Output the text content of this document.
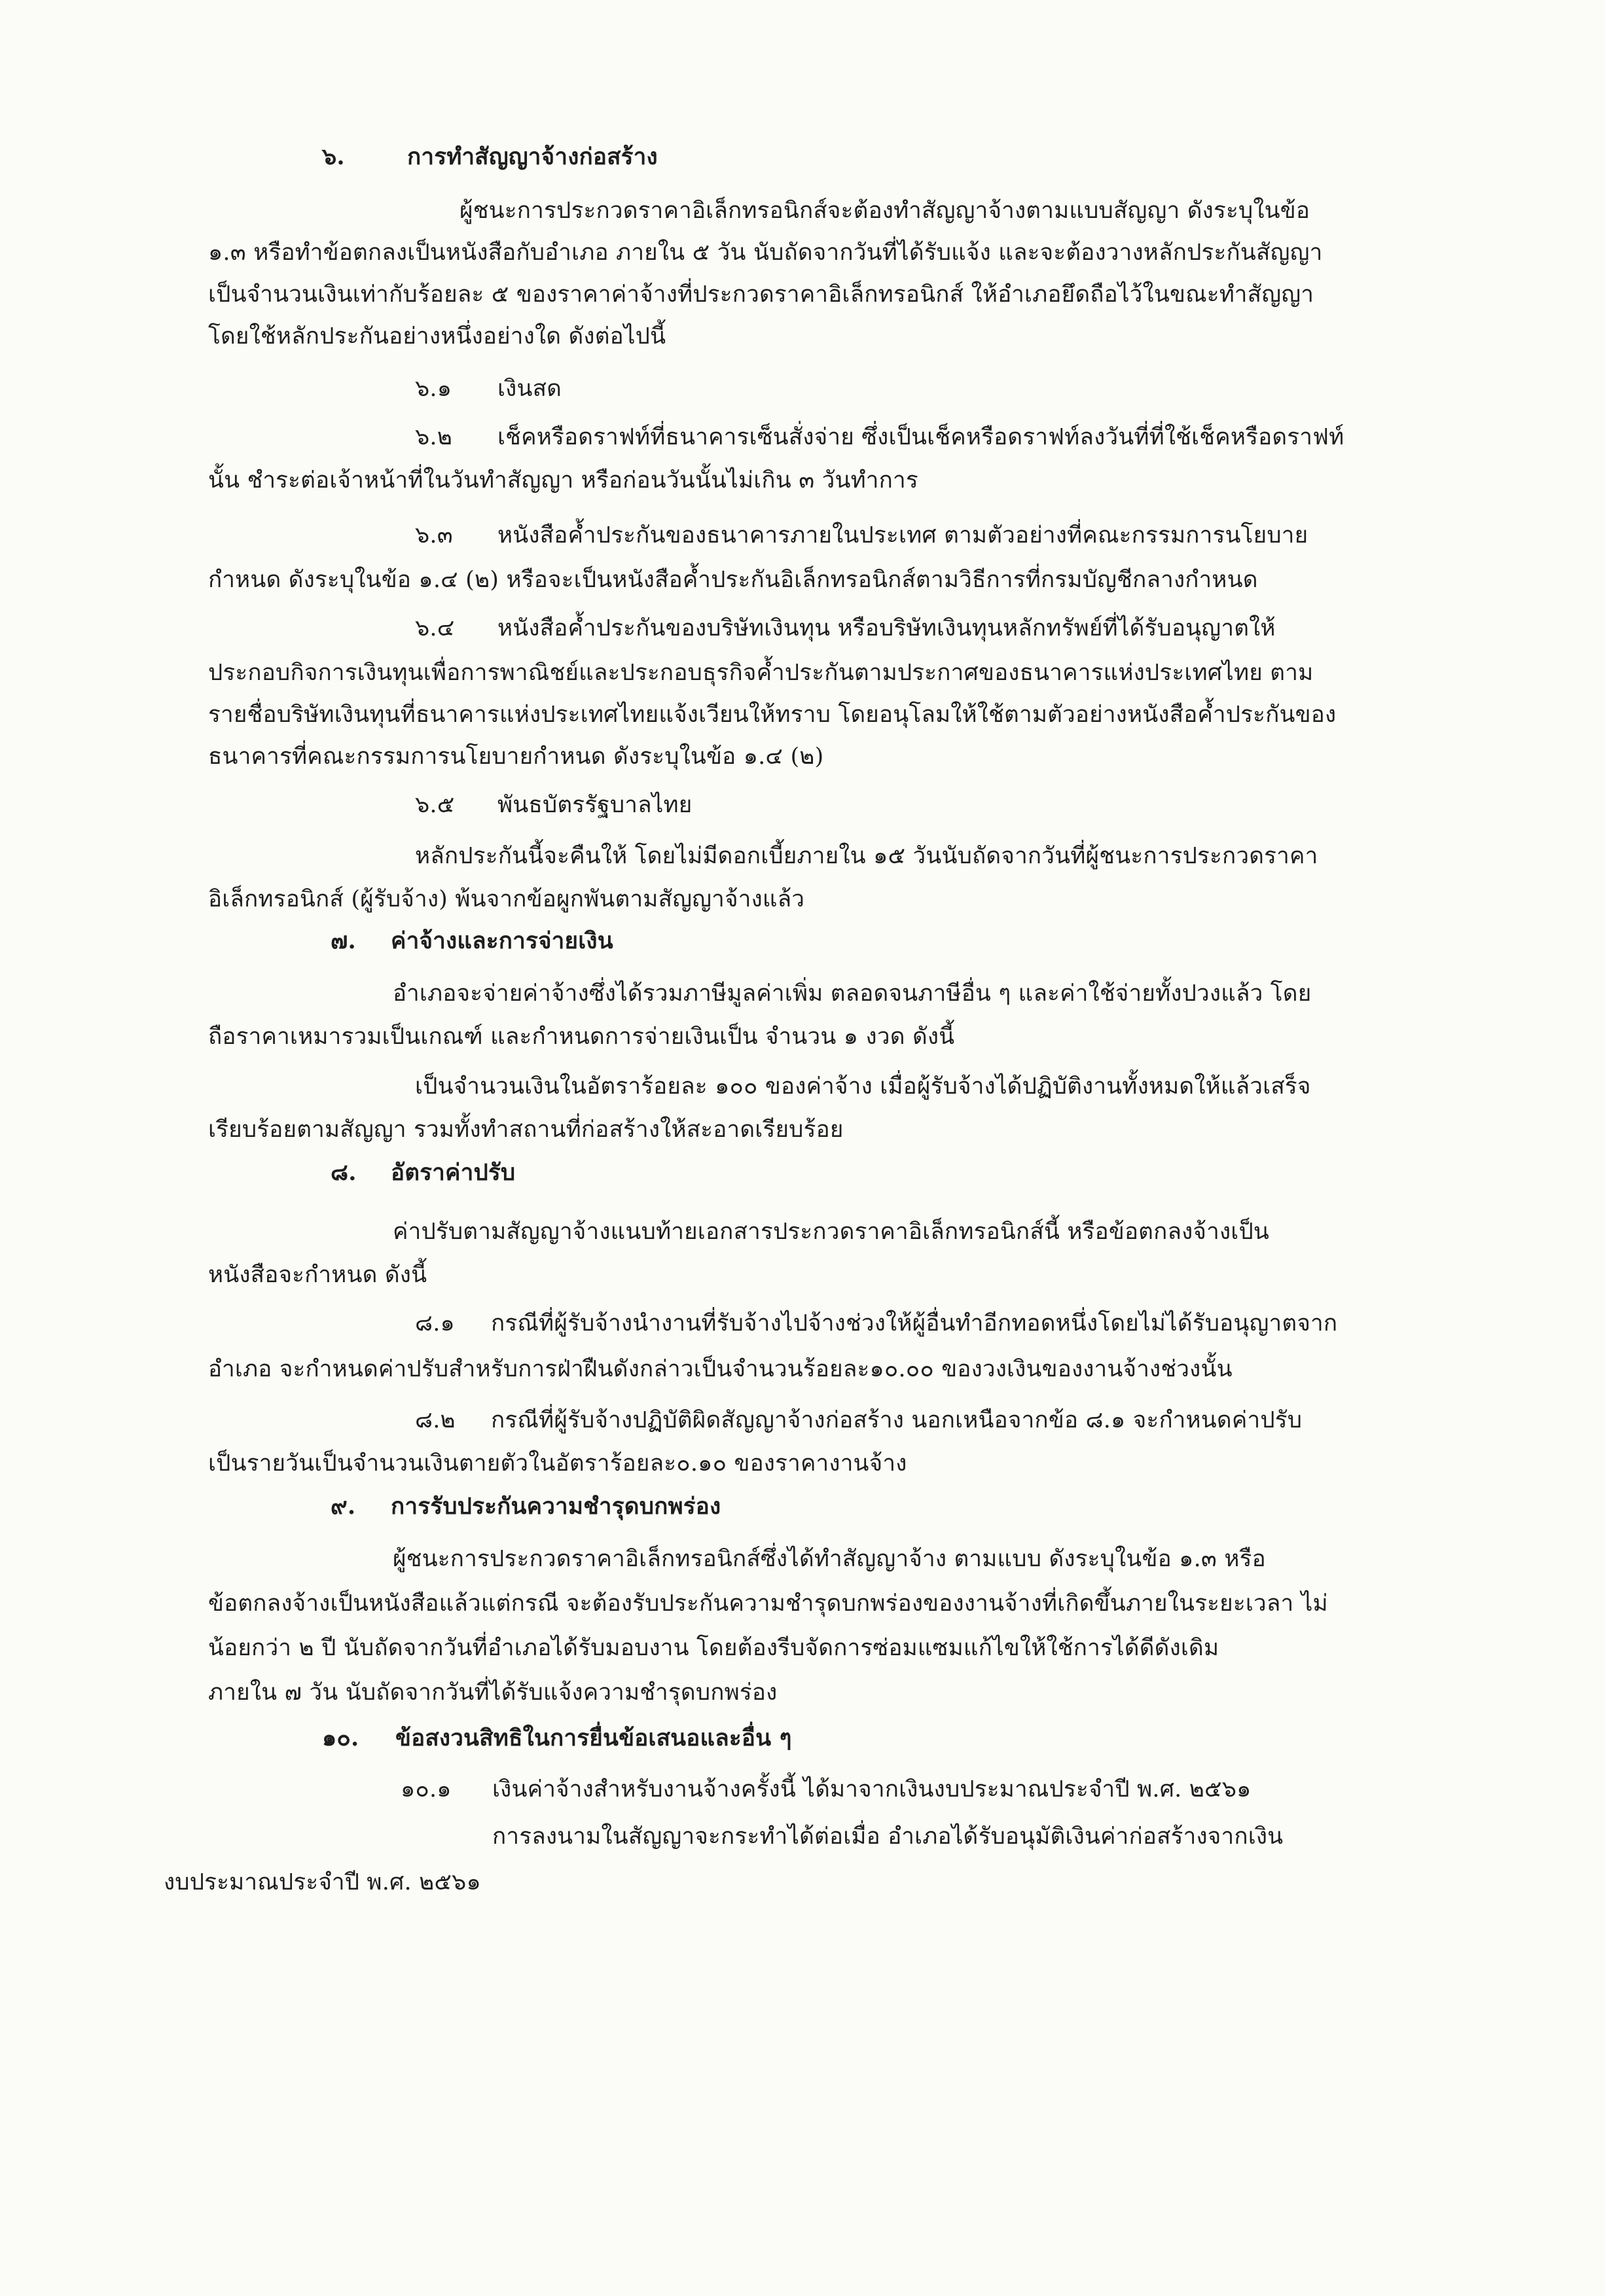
๖.	การทำสัญญาจ้างก่อสร้าง
ผู้ชนะการประกวดราคาอิเล็กทรอนิกส์จะต้องทำสัญญาจ้างตามแบบสัญญา ดังระบุในข้อ
๑.๓ หรือทำข้อตกลงเป็นหนังสือกับอำเภอ ภายใน ๕ วัน นับถัดจากวันที่ได้รับแจ้ง และจะต้องวางหลักประกันสัญญา
เป็นจำนวนเงินเท่ากับร้อยละ ๕ ของราคาค่าจ้างที่ประกวดราคาอิเล็กทรอนิกส์ ให้อำเภอยึดถือไว้ในขณะทำสัญญา
โดยใช้หลักประกันอย่างหนึ่งอย่างใด ดังต่อไปนี้
๖.๑ เงินสด
๖.๒ เช็คหรือดราฟท์ที่ธนาคารเซ็นสั่งจ่าย ซึ่งเป็นเช็คหรือดราฟท์ลงวันที่ที่ใช้เช็คหรือดราฟท์
นั้น ชำระต่อเจ้าหน้าที่ในวันทำสัญญา หรือก่อนวันนั้นไม่เกิน ๓ วันทำการ
๖.๓ หนังสือค้ำประกันของธนาคารภายในประเทศ ตามตัวอย่างที่คณะกรรมการนโยบาย
กำหนด ดังระบุในข้อ ๑.๔ (๒) หรือจะเป็นหนังสือค้ำประกันอิเล็กทรอนิกส์ตามวิธีการที่กรมบัญชีกลางกำหนด
๖.๔ หนังสือค้ำประกันของบริษัทเงินทุน หรือบริษัทเงินทุนหลักทรัพย์ที่ได้รับอนุญาตให้
ประกอบกิจการเงินทุนเพื่อการพาณิชย์และประกอบธุรกิจค้ำประกันตามประกาศของธนาคารแห่งประเทศไทย ตาม
รายชื่อบริษัทเงินทุนที่ธนาคารแห่งประเทศไทยแจ้งเวียนให้ทราบ โดยอนุโลมให้ใช้ตามตัวอย่างหนังสือค้ำประกันของ
ธนาคารที่คณะกรรมการนโยบายกำหนด ดังระบุในข้อ ๑.๔ (๒)
๖.๕ พันธบัตรรัฐบาลไทย
หลักประกันนี้จะคืนให้ โดยไม่มีดอกเบี้ยภายใน ๑๕ วันนับถัดจากวันที่ผู้ชนะการประกวดราคา
อิเล็กทรอนิกส์ (ผู้รับจ้าง) พ้นจากข้อผูกพันตามสัญญาจ้างแล้ว
๗. ค่าจ้างและการจ่ายเงิน
อำเภอจะจ่ายค่าจ้างซึ่งได้รวมภาษีมูลค่าเพิ่ม ตลอดจนภาษีอื่น ๆ และค่าใช้จ่ายทั้งปวงแล้ว โดย
ถือราคาเหมารวมเป็นเกณฑ์ และกำหนดการจ่ายเงินเป็น จำนวน ๑ งวด ดังนี้
เป็นจำนวนเงินในอัตราร้อยละ ๑๐๐ ของค่าจ้าง เมื่อผู้รับจ้างได้ปฏิบัติงานทั้งหมดให้แล้วเสร็จ
เรียบร้อยตามสัญญา รวมทั้งทำสถานที่ก่อสร้างให้สะอาดเรียบร้อย
๘. อัตราค่าปรับ
ค่าปรับตามสัญญาจ้างแนบท้ายเอกสารประกวดราคาอิเล็กทรอนิกส์นี้ หรือข้อตกลงจ้างเป็น
หนังสือจะกำหนด ดังนี้
๘.๑ กรณีที่ผู้รับจ้างนำงานที่รับจ้างไปจ้างช่วงให้ผู้อื่นทำอีกทอดหนึ่งโดยไม่ได้รับอนุญาตจาก
อำเภอ จะกำหนดค่าปรับสำหรับการฝ่าฝืนดังกล่าวเป็นจำนวนร้อยละ๑๐.๐๐ ของวงเงินของงานจ้างช่วงนั้น
๘.๒ กรณีที่ผู้รับจ้างปฏิบัติผิดสัญญาจ้างก่อสร้าง นอกเหนือจากข้อ ๘.๑ จะกำหนดค่าปรับ
เป็นรายวันเป็นจำนวนเงินตายตัวในอัตราร้อยละ๐.๑๐ ของราคางานจ้าง
๙. การรับประกันความชำรุดบกพร่อง
ผู้ชนะการประกวดราคาอิเล็กทรอนิกส์ซึ่งได้ทำสัญญาจ้าง ตามแบบ ดังระบุในข้อ ๑.๓ หรือ
ข้อตกลงจ้างเป็นหนังสือแล้วแต่กรณี จะต้องรับประกันความชำรุดบกพร่องของงานจ้างที่เกิดขึ้นภายในระยะเวลา ไม่
น้อยกว่า ๒ ปี นับถัดจากวันที่อำเภอได้รับมอบงาน โดยต้องรีบจัดการซ่อมแซมแก้ไขให้ใช้การได้ดีดังเดิม
ภายใน ๗ วัน นับถัดจากวันที่ได้รับแจ้งความชำรุดบกพร่อง
๑๐. ข้อสงวนสิทธิในการยื่นข้อเสนอและอื่น ๆ
๑๐.๑ เงินค่าจ้างสำหรับงานจ้างครั้งนี้ ได้มาจากเงินงบประมาณประจำปี พ.ศ. ๒๕๖๑
การลงนามในสัญญาจะกระทำได้ต่อเมื่อ อำเภอได้รับอนุมัติเงินค่าก่อสร้างจากเงิน
งบประมาณประจำปี พ.ศ. ๒๕๖๑
